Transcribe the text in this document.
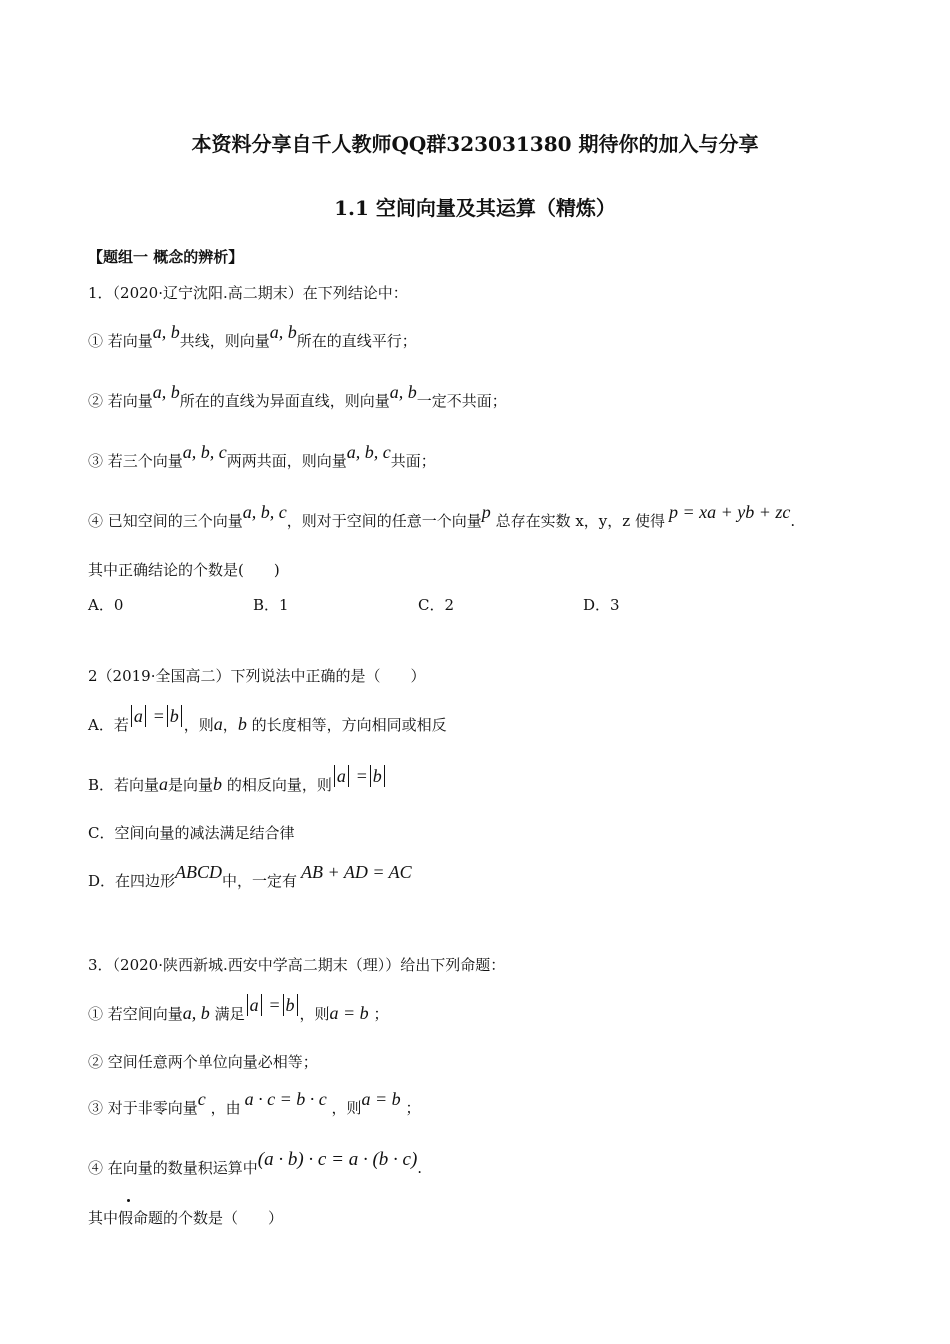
本资料分享自千人教师QQ群323031380 期待你的加入与分享
1.1 空间向量及其运算（精炼）
【题组一 概念的辨析】
1．（2020·辽宁沈阳.高二期末）在下列结论中：
① 若向量a, b共线，则向量a, b所在的直线平行；
② 若向量a, b所在的直线为异面直线，则向量a, b一定不共面；
③ 若三个向量a, b, c两两共面，则向量a, b, c共面；
④ 已知空间的三个向量a, b, c，则对于空间的任意一个向量p 总存在实数 x，y，z 使得 p = xa + yb + zc.
其中正确结论的个数是(　　)
A．0	B．1	C．2	D．3
2（2019·全国高二）下列说法中正确的是（　　）
A．若 a = b ，则a，b 的长度相等，方向相同或相反
B．若向量a是向量b 的相反向量，则 a = b
C．空间向量的减法满足结合律
D．在四边形ABCD中，一定有 AB + AD = AC
3．（2020·陕西新城.西安中学高二期末（理））给出下列命题：
① 若空间向量a, b 满足 a = b ，则a = b ；
② 空间任意两个单位向量必相等；
③ 对于非零向量c ，由 a · c = b · c ，则a = b ；
④ 在向量的数量积运算中(a · b) · c = a · (b · c).
其中假命题的个数是（　　）
